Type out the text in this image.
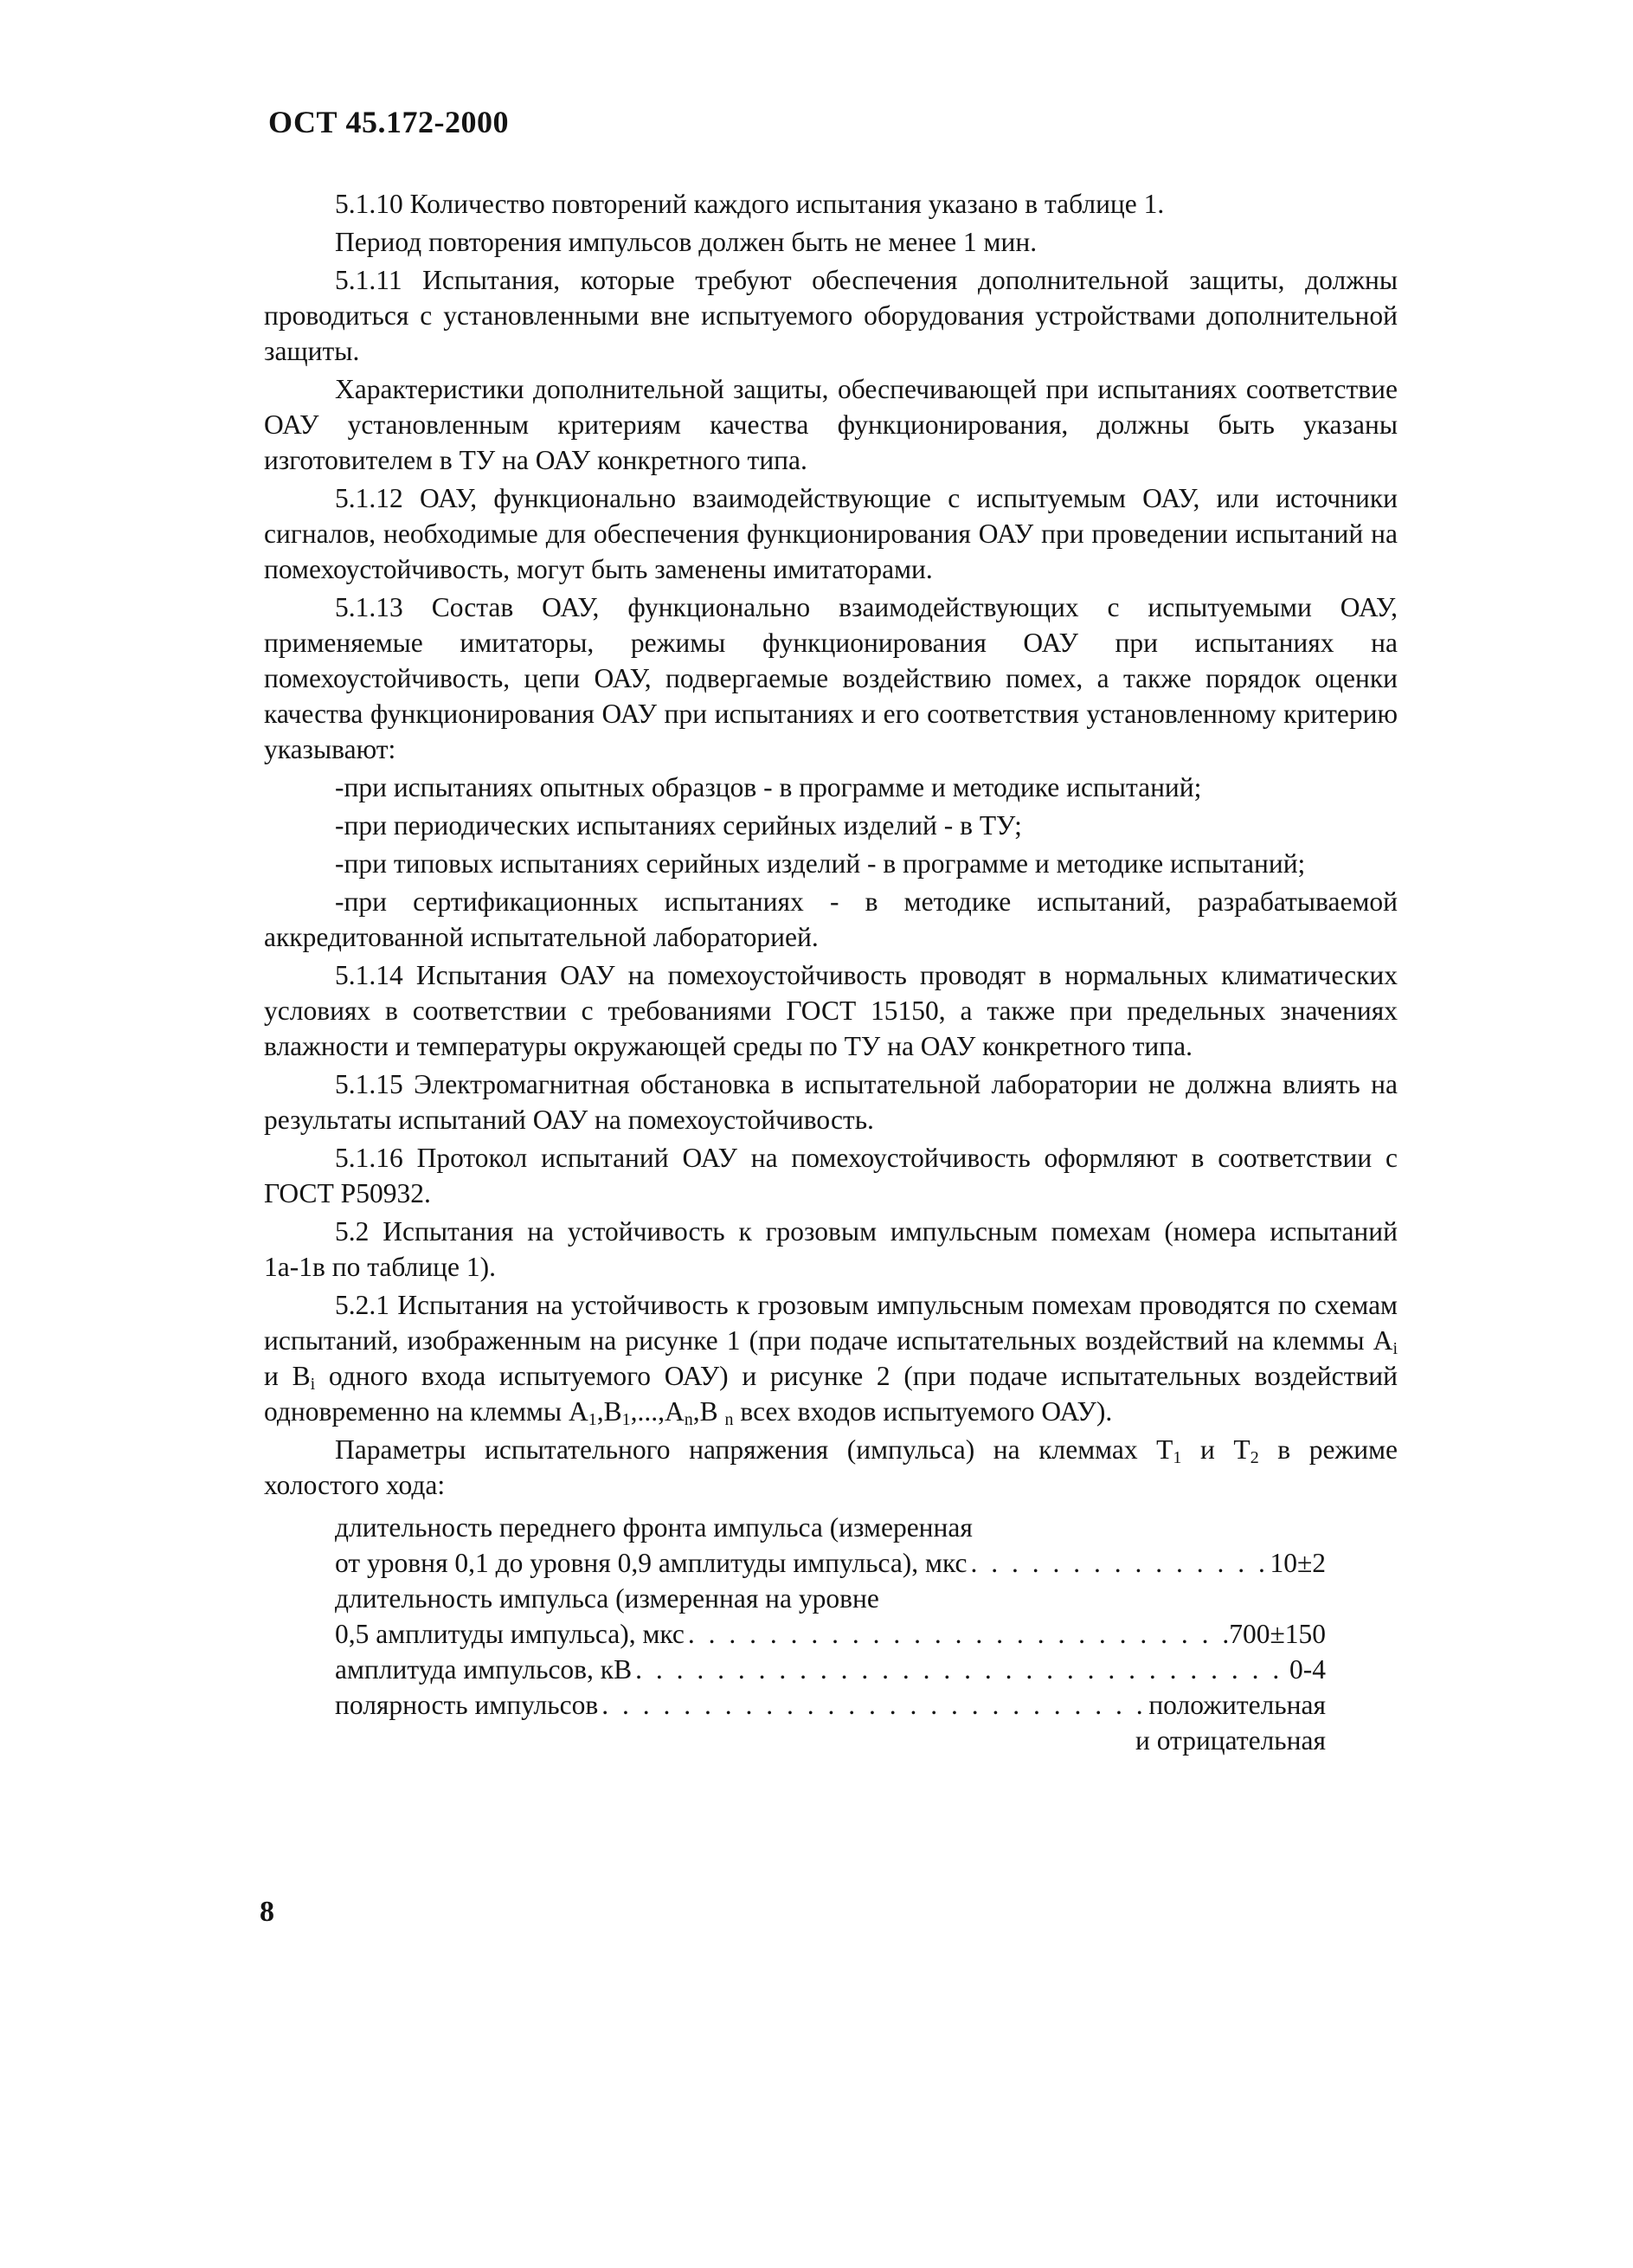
ОСТ 45.172-2000

5.1.10 Количество повторений каждого испытания указано в таблице 1.

Период повторения импульсов должен быть не менее 1 мин.

5.1.11 Испытания, которые требуют обеспечения дополнительной защиты, должны проводиться с установленными вне испытуемого оборудования устройствами дополнительной защиты.

Характеристики дополнительной защиты, обеспечивающей при испытаниях соответствие ОАУ установленным критериям качества функционирования, должны быть указаны изготовителем в ТУ на ОАУ конкретного типа.

5.1.12 ОАУ, функционально взаимодействующие с испытуемым ОАУ, или источники сигналов, необходимые для обеспечения функционирования ОАУ при проведении испытаний на помехоустойчивость, могут быть заменены имитаторами.

5.1.13 Состав ОАУ, функционально взаимодействующих с испытуемыми ОАУ, применяемые имитаторы, режимы функционирования ОАУ при испытаниях на помехоустойчивость, цепи ОАУ, подвергаемые воздействию помех, а также порядок оценки качества функционирования ОАУ при испытаниях и его соответствия установленному критерию указывают:

-при испытаниях опытных образцов - в программе и методике испытаний;

-при периодических испытаниях серийных изделий - в ТУ;

-при типовых испытаниях серийных изделий - в программе и методике испытаний;

-при сертификационных испытаниях - в методике испытаний, разрабатываемой аккредитованной испытательной лабораторией.

5.1.14 Испытания ОАУ на помехоустойчивость проводят в нормальных климатических условиях в соответствии с требованиями ГОСТ 15150, а также при предельных значениях влажности и температуры окружающей среды по ТУ на ОАУ конкретного типа.

5.1.15 Электромагнитная обстановка в испытательной лаборатории не должна влиять на результаты испытаний ОАУ на помехоустойчивость.

5.1.16 Протокол испытаний ОАУ на помехоустойчивость оформляют в соответствии с ГОСТ Р50932.

5.2 Испытания на устойчивость к грозовым импульсным помехам (номера испытаний 1а-1в по таблице 1).

5.2.1 Испытания на устойчивость к грозовым импульсным помехам проводятся по схемам испытаний, изображенным на рисунке 1 (при подаче испытательных воздействий на клеммы $А_i$ и $В_i$ одного входа испытуемого ОАУ) и рисунке 2 (при подаче испытательных воздействий одновременно на клеммы $А_1,В_1,...,А_n,В$ $_n$ всех входов испытуемого ОАУ).

Параметры испытательного напряжения (импульса) на клеммах $Т_1$ и $Т_2$ в режиме холостого хода:

длительность переднего фронта импульса (измеренная
от уровня 0,1 до уровня 0,9 амплитуды импульса), мкс . . .	10±2
длительность импульса (измеренная на уровне
0,5 амплитуды импульса), мкс . . .	700±150
амплитуда импульсов, кВ . . .	0-4
полярность импульсов . . .	положительная
и отрицательная
8
